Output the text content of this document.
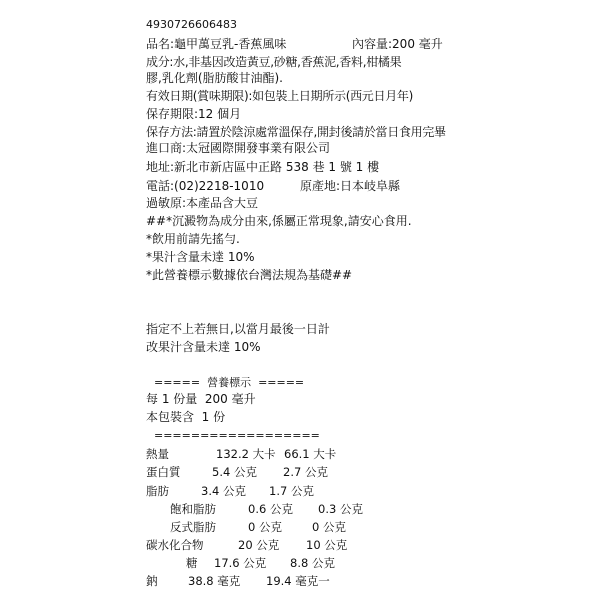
4930726606483
品名:龜甲萬豆乳-香蕉風味	內容量:200 毫升
成分:水,非基因改造黃豆,砂糖,香蕉泥,香料,柑橘果
膠,乳化劑(脂肪酸甘油酯).
有效日期(賞味期限):如包裝上日期所示(西元日月年)
保存期限:12 個月
保存方法:請置於陰涼處常溫保存,開封後請於當日食用完畢
進口商:太冠國際開發事業有限公司
地址:新北市新店區中正路 538 巷 1 號 1 樓
電話:(02)2218-1010	原產地:日本岐阜縣
過敏原:本產品含大豆
##*沉澱物為成分由來,係屬正常現象,請安心食用.
*飲用前請先搖勻.
*果汁含量未達 10%
*此營養標示數據依台灣法規為基礎##
指定不上若無日,以當月最後一日計
改果汁含量未達 10%
=====  營養標示  =====
每 1 份量  200 毫升
本包裝含  1 份
==================
熱量	132.2 大卡 66.1 大卡
蛋白質	5.4 公克 2.7 公克
脂肪	3.4 公克 1.7 公克
飽和脂肪	0.6 公克 0.3 公克
反式脂肪	0 公克	0 公克
碳水化合物	20 公克 10 公克
糖 17.6 公克 8.8 公克
鈉	38.8 毫克 19.4 毫克一
